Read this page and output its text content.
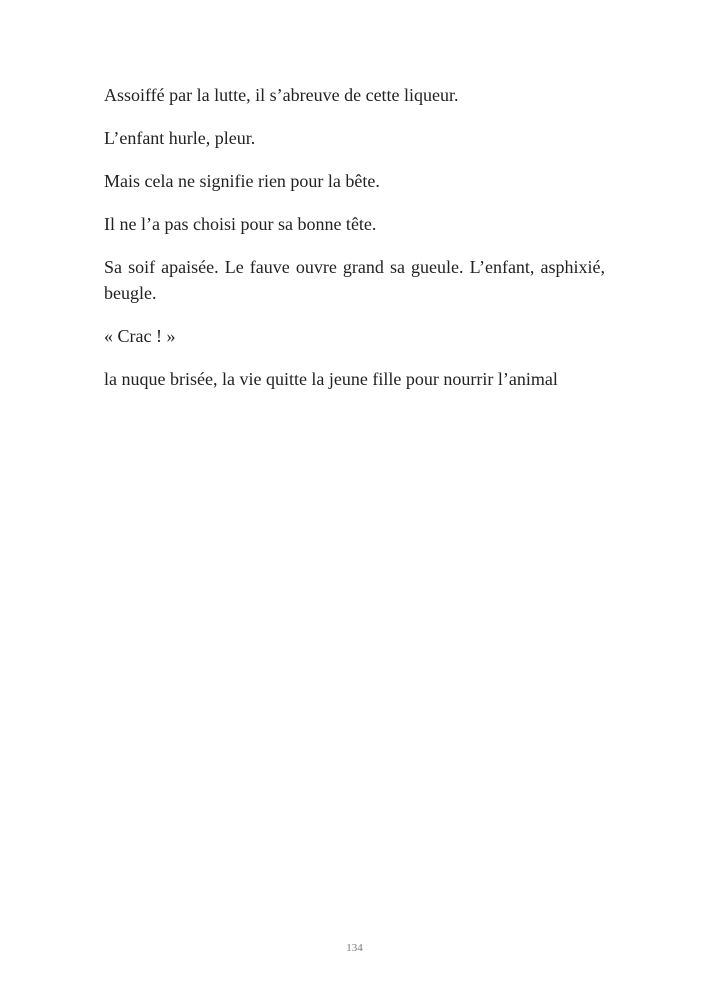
Assoiffé par la lutte, il s’abreuve de cette liqueur.

L’enfant hurle, pleur.

Mais cela ne signifie rien pour la bête.

Il ne l’a pas choisi pour sa bonne tête.

Sa soif apaisée. Le fauve ouvre grand sa gueule. L’enfant, asphixié, beugle.

« Crac ! »

la nuque brisée, la vie quitte la jeune fille pour nourrir l’animal

134
